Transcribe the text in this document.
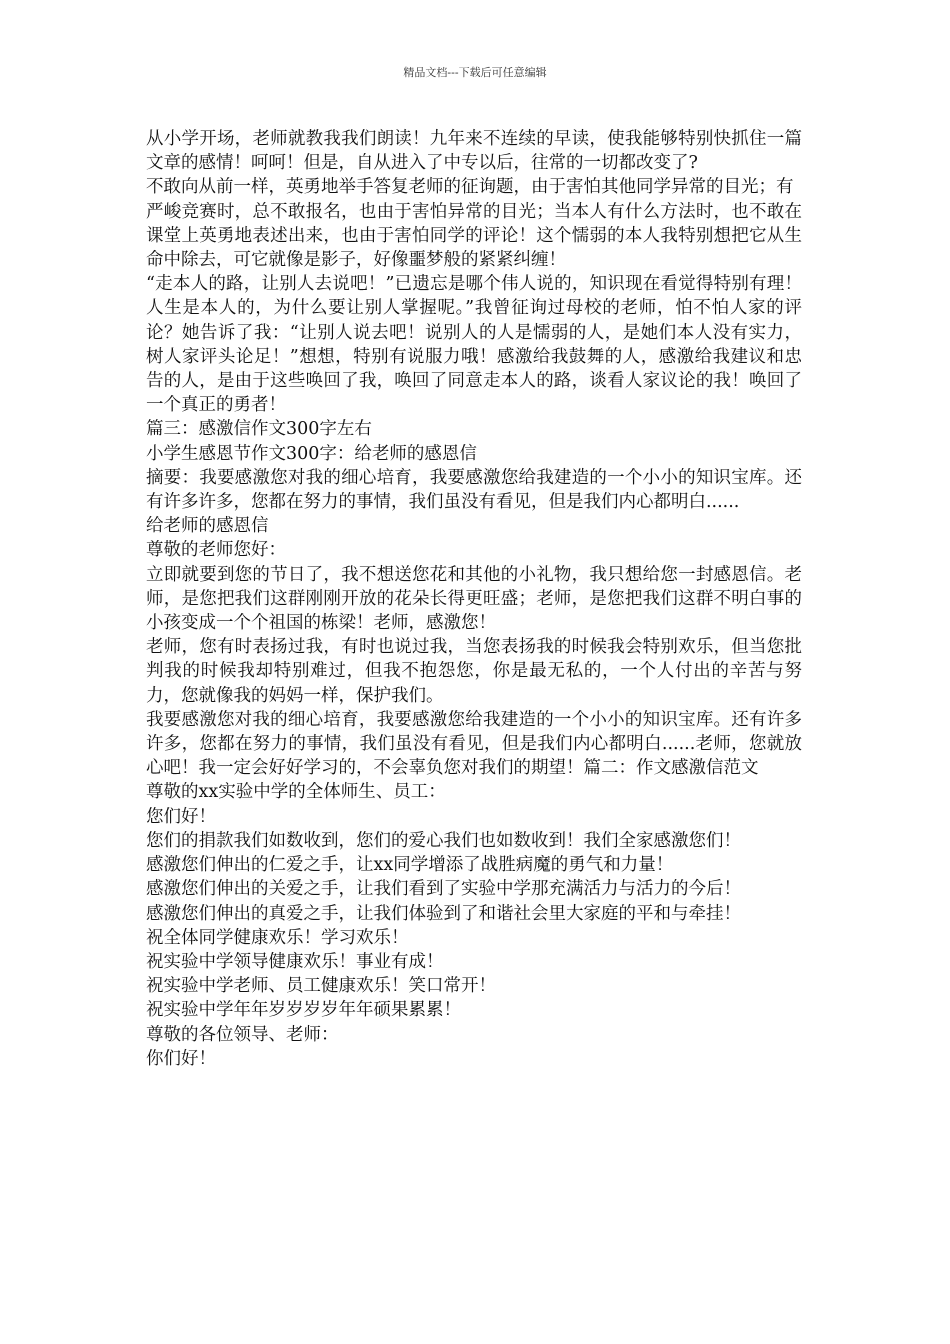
精品文档---下载后可任意编辑

从小学开场，老师就教我我们朗读！九年来不连续的早读，使我能够特别快抓住一篇文章的感情！呵呵！但是，自从进入了中专以后，往常的一切都改变了?

不敢向从前一样，英勇地举手答复老师的征询题，由于害怕其他同学异常的目光；有

严峻竞赛时，总不敢报名，也由于害怕异常的目光；当本人有什么方法时，也不敢在课堂上英勇地表述出来，也由于害怕同学的评论！这个懦弱的本人我特别想把它从生命中除去，可它就像是影子，好像噩梦般的紧紧纠缠！

“走本人的路，让别人去说吧！”已遗忘是哪个伟人说的，知识现在看觉得特别有理！人生是本人的，为什么要让别人掌握呢。”我曾征询过母校的老师，怕不怕人家的评论？她告诉了我：“让别人说去吧！说别人的人是懦弱的人，是她们本人没有实力，树人家评头论足！”想想，特别有说服力哦！感激给我鼓舞的人，感激给我建议和忠告的人，是由于这些唤回了我，唤回了同意走本人的路，谈看人家议论的我！唤回了一个真正的勇者！

篇三：感激信作文300字左右

小学生感恩节作文300字：给老师的感恩信

摘要：我要感激您对我的细心培育，我要感激您给我建造的一个小小的知识宝库。还有许多许多，您都在努力的事情，我们虽没有看见，但是我们内心都明白......

给老师的感恩信

尊敬的老师您好：

立即就要到您的节日了，我不想送您花和其他的小礼物，我只想给您一封感恩信。老师，是您把我们这群刚刚开放的花朵长得更旺盛；老师，是您把我们这群不明白事的小孩变成一个个祖国的栋梁！老师，感激您！

老师，您有时表扬过我，有时也说过我，当您表扬我的时候我会特别欢乐，但当您批判我的时候我却特别难过，但我不抱怨您，你是最无私的，一个人付出的辛苦与努力，您就像我的妈妈一样，保护我们。

我要感激您对我的细心培育，我要感激您给我建造的一个小小的知识宝库。还有许多许多，您都在努力的事情，我们虽没有看见，但是我们内心都明白......老师，您就放心吧！我一定会好好学习的，不会辜负您对我们的期望！篇二：作文感激信范文

尊敬的xx实验中学的全体师生、员工：

您们好！

您们的捐款我们如数收到，您们的爱心我们也如数收到！我们全家感激您们！

感激您们伸出的仁爱之手，让xx同学增添了战胜病魔的勇气和力量！

感激您们伸出的关爱之手，让我们看到了实验中学那充满活力与活力的今后！

感激您们伸出的真爱之手，让我们体验到了和谐社会里大家庭的平和与牵挂！

祝全体同学健康欢乐！学习欢乐！

祝实验中学领导健康欢乐！事业有成！

祝实验中学老师、员工健康欢乐！笑口常开！

祝实验中学年年岁岁岁岁年年硕果累累！

尊敬的各位领导、老师：

你们好！
